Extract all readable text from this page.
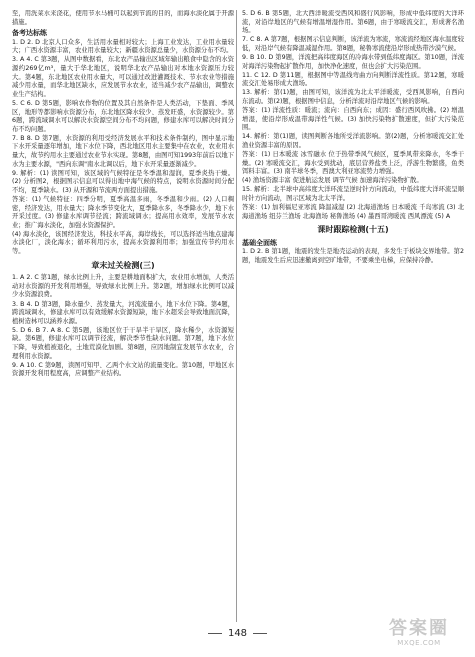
至，用洗菜水来浇花，使用节水马桶可以起到节流的目的，而海水淡化属于开源措施。
备考达标练
1. D 2. D 北京人口众多，生活用水量相对较大；上海工业发达，工业用水量较大；广西水资源丰富，农业用水量较大；新疆水资源总量少，水资源分布不均。
3. A 4. C 第3题，从图中数据看，东北农产品输出区域年输出粮食中隐含的水资源约269亿m³，量大于华北地区，说明华北农产品输出对本地水资源压力较大。第4题，东北地区农业用水量大，可以通过改进灌溉技术、节水农业等措施减少用水量，而华北地区缺水，应发展节水农业，适当减少农产品输出，调整农业生产结构。
5. C 6. D 第5题，影响农作物的位置及其自然条件是人类活动，下垫面、季风区，地形等都影响水资源分布，东北地区降水较少、蒸发旺盛，水资源较少。第6题，跨流域调水可以解决水资源空间分布不均问题，修建水库可以解决时间分布不均问题。
7. B 8. D 第7题，水资源的利用受经济发展水平和技术条件制约，图中显示地下水开采量逐年增加，地下水位下降，西北地区用水主要集中在农业，农业用水量大，故节约用水主要通过农业节水实现。第8题，由图可知1993年前后以地下水为主要水源，"西向东调"南水北调以后，地下水开采量逐渐减少。
9. 解析：(1) 读图可知，该区域的气候特征是冬季温和湿润，夏季炎热干燥。(2) 分析图2，根据图示信息可以得出地中海气候的特点，说明水资源时间分配不均，夏季缺水。(3) 从开源和节流两方面提出措施。
答案：(1) 气候特征：四季分明，夏季高温多雨，冬季温和少雨。(2) 人口稠密，经济发达，用水量大；降水季节变化大，夏季降水多，冬季降水少，地下水开采过度。(3) 修建水库调节径流；跨流域调水；提高用水效率，发展节水农业；推广海水淡化，加强水资源保护。
(4) 海水淡化，该国经济发达，科技水平高，海岸线长，可以选择适当地点建海水淡化厂，淡化海水；循环利用污水，提高水资源利用率；加强宣传节约用水等。
章末过关检测(三)
1. A 2. C 第1题，绿水比例上升，主要是耕地面积扩大，农业用水增加，人类活动对水资源的开发利用增强，导致绿水比例上升。第2题，增加绿水比例可以减少水资源浪费。
3. B 4. D 第3题，降水量少、蒸发量大，河流流量小，地下水位下降。第4题，跨流域调水，修建水库可以有效缓解水资源短缺，地下水超采会导致地面沉降，植树造林可以涵养水源。
5. D 6. B 7. A 8. C 第5题，该地区位于干旱半干旱区，降水稀少，水资源短缺。第6题，修建水库可以调节径流，解决季节性缺水问题。第7题，地下水位下降，导致植被退化，土地荒漠化加剧。第8题，应因地制宜发展节水农业，合理利用水资源。
9. A 10. C 第9题，读图可知甲、乙两个水文站的流量变化。第10题，甲地区水资源开发利用程度高，应调整产业结构。
5. D 6. B 第5题，北大西洋暖流受西风和盛行风影响，形成中低纬度的大洋环流，对沿岸地区的气候有增温增湿作用。第6题，由于寒暖流交汇，形成著名渔场。
7. C 8. A 第7题，根据图示信息判断，该洋流为寒流，寒流流经地区海水温度较低，对沿岸气候有降温减湿作用。第8题，秘鲁寒流使沿岸形成热带沙漠气候。
9. B 10. D 第9题，洋流把高纬度海区的冷海水带到低纬度海区。第10题，洋流对海洋污染物起扩散作用，加快净化速度，但也会扩大污染范围。
11. C 12. D 第11题，根据图中等温线弯曲方向判断洋流性质。第12题，寒暖流交汇处易形成大渔场。
13. 解析：第(1)题，由图可知，该洋流为北太平洋暖流，受西风影响，自西向东流动。第(2)题，根据图中信息，分析洋流对沿岸地区气候的影响。
答案：(1) 洋流性质：暖流；流向：自西向东；成因：盛行西风吹拂。(2) 增温增湿，使沿岸形成温带海洋性气候。(3) 加快污染物扩散速度，但扩大污染范围。
14. 解析：第(1)题，读图判断各地所受洋流影响。第(2)题，分析寒暖流交汇处渔业资源丰富的原因。
答案：(1) 日本暖流 冰雪融水 位于热带季风气候区，夏季风带来降水，冬季干燥。(2) 寒暖流交汇，海水受到扰动，底层营养盐类上泛，浮游生物繁盛，鱼类饵料丰富。(3) 南半球冬季，西澳大利亚寒流势力增强。
(4) 渔场资源丰富 促进航运发展 调节气候 加速海洋污染物扩散。
15. 解析：北半球中高纬度大洋环流呈逆时针方向流动，中低纬度大洋环流呈顺时针方向流动，图示区域为北太平洋。
答案：(1) 加利福尼亚寒流 降温减湿 (2) 北海道渔场 日本暖流 千岛寒流 (3) 北海道渔场 纽芬兰渔场 北海渔场 秘鲁渔场 (4) 墨西哥湾暖流 西风漂流 (5) A
课时跟踪检测(十五)
基础全面练
1. D 2. B 第1题，地震的发生是地壳运动的表现，多发生于板块交界地带。第2题，地震发生后应迅速撤离到空旷地带，不要乘坐电梯，应保持冷静。
148	答案圈
MXQE.COM
